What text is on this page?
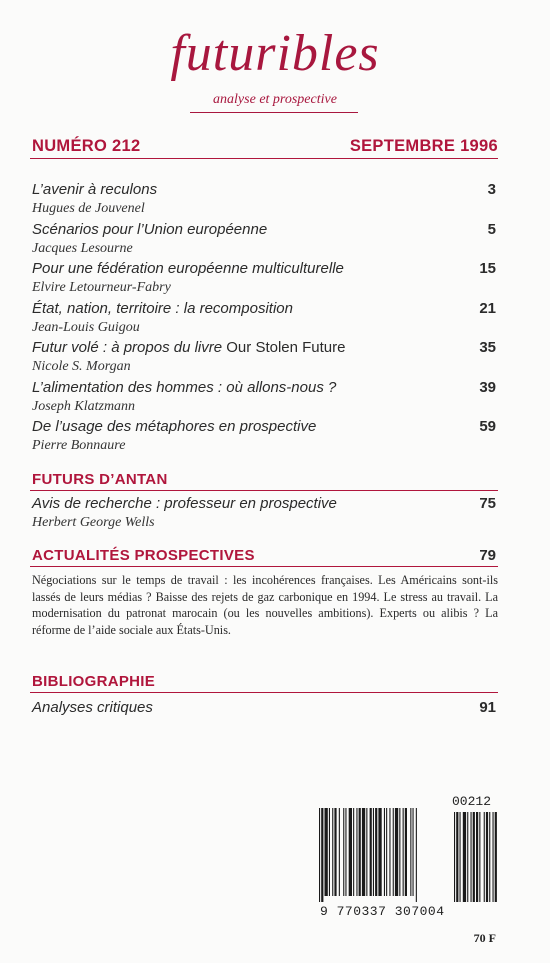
futuribles
analyse et prospective
NUMÉRO 212	SEPTEMBRE 1996
L’avenir à reculons	3
Hugues de Jouvenel
Scénarios pour l’Union européenne	5
Jacques Lesourne
Pour une fédération européenne multiculturelle	15
Elvire Letourneur-Fabry
État, nation, territoire : la recomposition	21
Jean-Louis Guigou
Futur volé : à propos du livre Our Stolen Future	35
Nicole S. Morgan
L’alimentation des hommes : où allons-nous ?	39
Joseph Klatzmann
De l’usage des métaphores en prospective	59
Pierre Bonnaure
FUTURS D’ANTAN
Avis de recherche : professeur en prospective	75
Herbert George Wells
ACTUALITÉS PROSPECTIVES	79
Négociations sur le temps de travail : les incohérences françaises. Les Américains sont-ils lassés de leurs médias ? Baisse des rejets de gaz carbonique en 1994. Le stress au travail. La modernisation du patronat marocain (ou les nouvelles ambitions). Experts ou alibis ? La réforme de l’aide sociale aux États-Unis.
BIBLIOGRAPHIE
Analyses critiques	91
00212
9 770337 307004
70 F
